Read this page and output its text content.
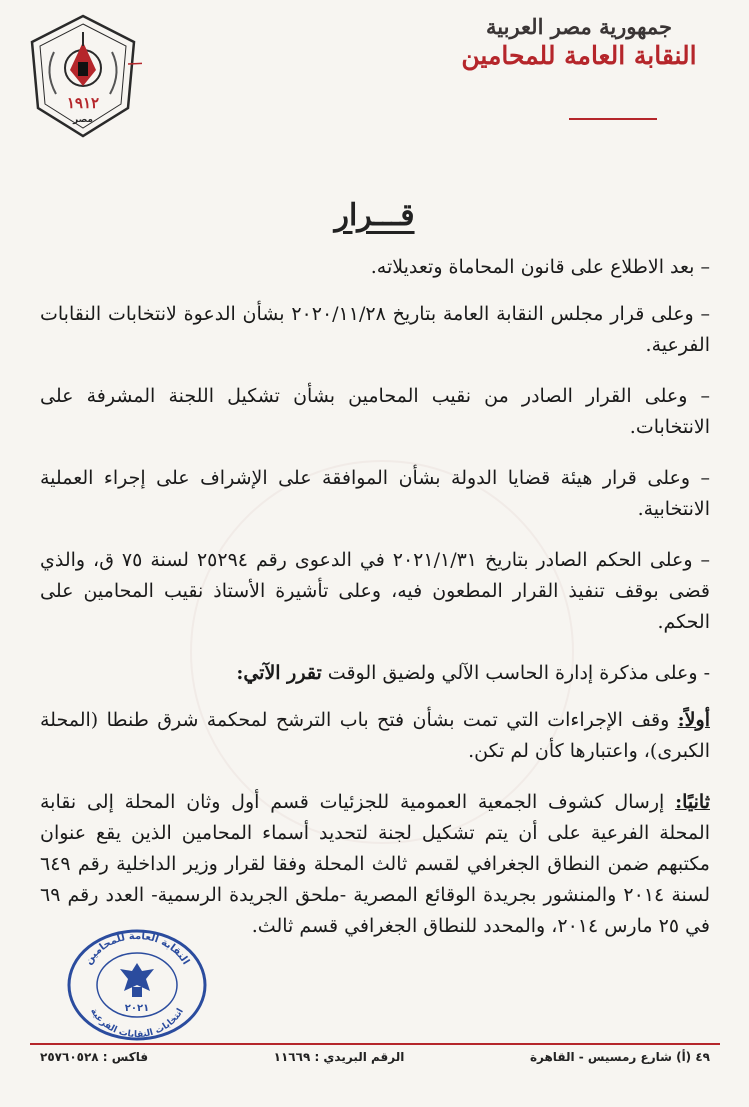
١٩١٢
مصر
جمهورية مصر العربية
النقابة العامة للمحامين
قـــرار

– بعد الاطلاع على قانون المحاماة وتعديلاته.

– وعلى قرار مجلس النقابة العامة بتاريخ ٢٠٢٠/١١/٢٨ بشأن الدعوة لانتخابات النقابات الفرعية.

– وعلى القرار الصادر من نقيب المحامين بشأن تشكيل اللجنة المشرفة على الانتخابات.

– وعلى قرار هيئة قضايا الدولة بشأن الموافقة على الإشراف على إجراء العملية الانتخابية.

– وعلى الحكم الصادر بتاريخ ٢٠٢١/١/٣١ في الدعوى رقم ٢٥٢٩٤ لسنة ٧٥ ق، والذي قضى بوقف تنفيذ القرار المطعون فيه، وعلى تأشيرة الأستاذ نقيب المحامين على الحكم.

- وعلى مذكرة إدارة الحاسب الآلي ولضيق الوقت تقرر الآتي:

أولاً: وقف الإجراءات التي تمت بشأن فتح باب الترشح لمحكمة شرق طنطا (المحلة الكبرى)، واعتبارها كأن لم تكن.

ثانيًا: إرسال كشوف الجمعية العمومية للجزئيات قسم أول وثان المحلة إلى نقابة المحلة الفرعية على أن يتم تشكيل لجنة لتحديد أسماء المحامين الذين يقع عنوان مكتبهم ضمن النطاق الجغرافي لقسم ثالث المحلة وفقا لقرار وزير الداخلية رقم ٦٤٩ لسنة ٢٠١٤ والمنشور بجريدة الوقائع المصرية -ملحق الجريدة الرسمية- العدد رقم ٦٩ في ٢٥ مارس ٢٠١٤، والمحدد للنطاق الجغرافي قسم ثالث.

النقابة العامة للمحامين
انتخابات النقابات الفرعية
٢٠٢١
٤٩ (أ) شارع رمسيس - القاهرة
الرقم البريدي : ١١٦٦٩
فاكس : ٢٥٧٦٠٥٢٨
